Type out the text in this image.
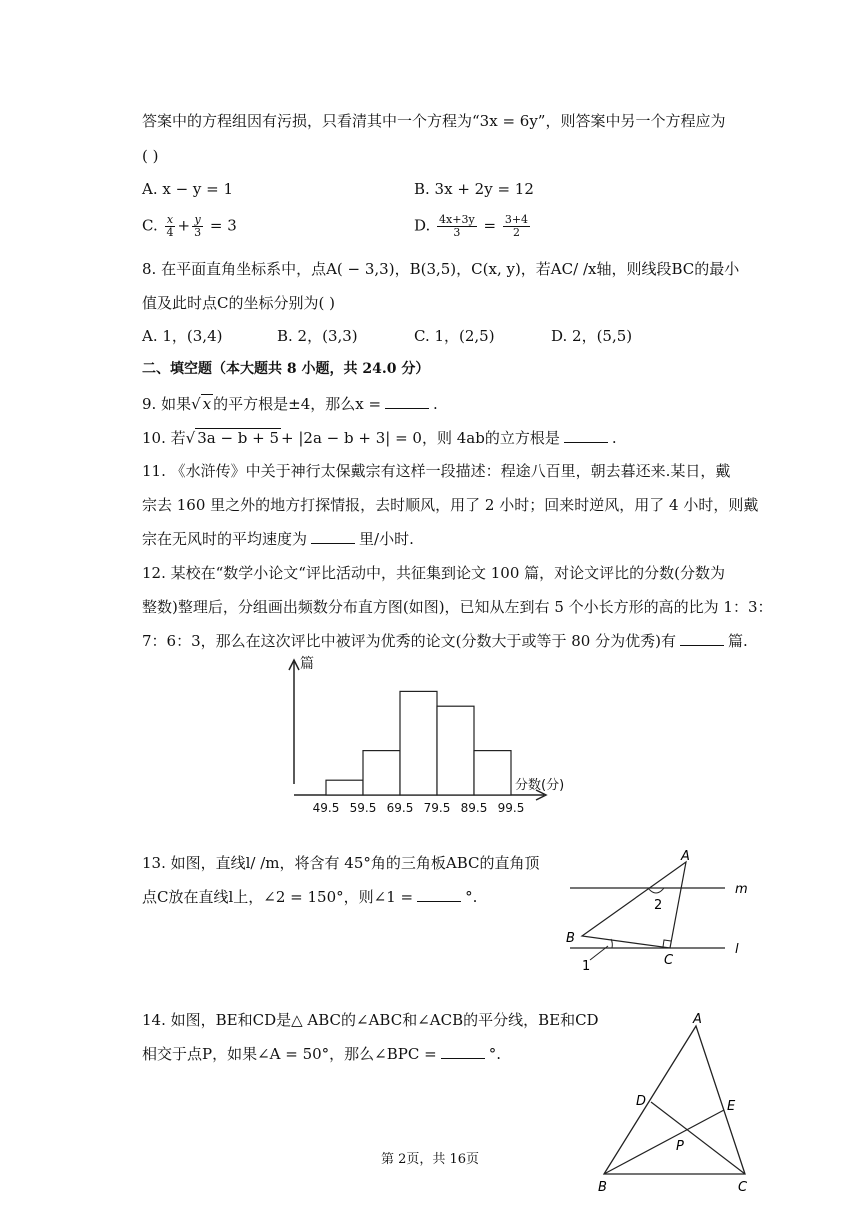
答案中的方程组因有污损，只看清其中一个方程为“3x = 6y”，则答案中另一个方程应为
( )
A. x − y = 1	B. 3x + 2y = 12
C. $\frac{x}{4} + \frac{y}{3} = 3$	D. $\frac{4x+3y}{3} = \frac{3+4}{2}$
8. 在平面直角坐标系中，点A( − 3,3)，B(3,5)，C(x, y)，若AC/ /x轴，则线段BC的最小
值及此时点C的坐标分别为( )
A. 1，(3,4)	B. 2，(3,3)	C. 1，(2,5)	D. 2，(5,5)
二、填空题（本大题共 8 小题，共 24.0 分）
9. 如果√ x 的平方根是±4，那么x =	.
10. 若√ 3a − b + 5 + |2a − b + 3| = 0，则 4ab的立方根是	.
11. 《水浒传》中关于神行太保戴宗有这样一段描述：程途八百里，朝去暮还来.某日，戴
宗去 160 里之外的地方打探情报，去时顺风，用了 2 小时；回来时逆风，用了 4 小时，则戴
宗在无风时的平均速度为	里/小时.
12. 某校在“数学小论文“评比活动中，共征集到论文 100 篇，对论文评比的分数(分数为
整数)整理后，分组画出频数分布直方图(如图)，已知从左到右 5 个小长方形的高的比为 1：3：
7：6：3，那么在这次评比中被评为优秀的论文(分数大于或等于 80 分为优秀)有	篇.
篇
分数(分)
49.5 59.5 69.5 79.5 89.5 99.5
13. 如图，直线l/ /m，将含有 45°角的三角板ABC的直角顶
点C放在直线l上，∠2 = 150°，则∠1 =	°.
A
B
C
m
l
2
1
14. 如图，BE和CD是△ ABC的∠ABC和∠ACB的平分线，BE和CD
相交于点P，如果∠A = 50°，那么∠BPC =	°.
A
B	C
D	E
P
第 2页，共 16页
